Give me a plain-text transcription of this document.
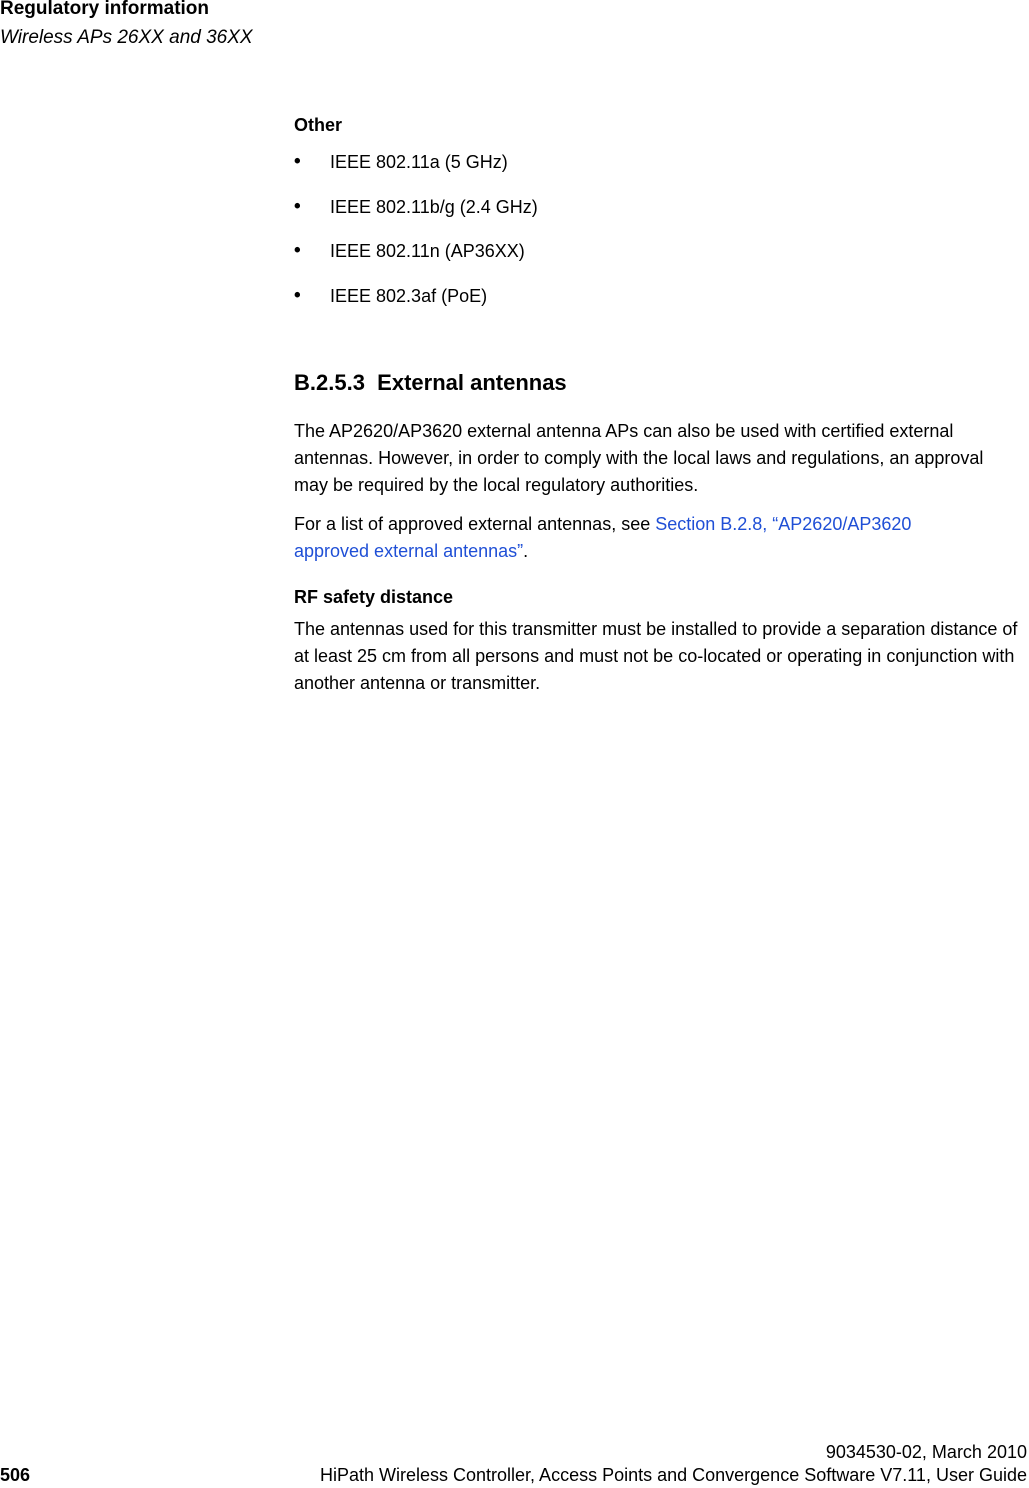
Regulatory information

Wireless APs 26XX and 36XX

Other

• IEEE 802.11a (5 GHz)
• IEEE 802.11b/g (2.4 GHz)
• IEEE 802.11n (AP36XX)
• IEEE 802.3af (PoE)
B.2.5.3  External antennas

The AP2620/AP3620 external antenna APs can also be used with certified external antennas. However, in order to comply with the local laws and regulations, an approval may be required by the local regulatory authorities.

For a list of approved external antennas, see Section B.2.8, “AP2620/AP3620
approved external antennas”.

RF safety distance

The antennas used for this transmitter must be installed to provide a separation distance of at least 25 cm from all persons and must not be co-located or operating in conjunction with another antenna or transmitter.

9034530-02, March 2010

506	HiPath Wireless Controller, Access Points and Convergence Software V7.11, User Guide
